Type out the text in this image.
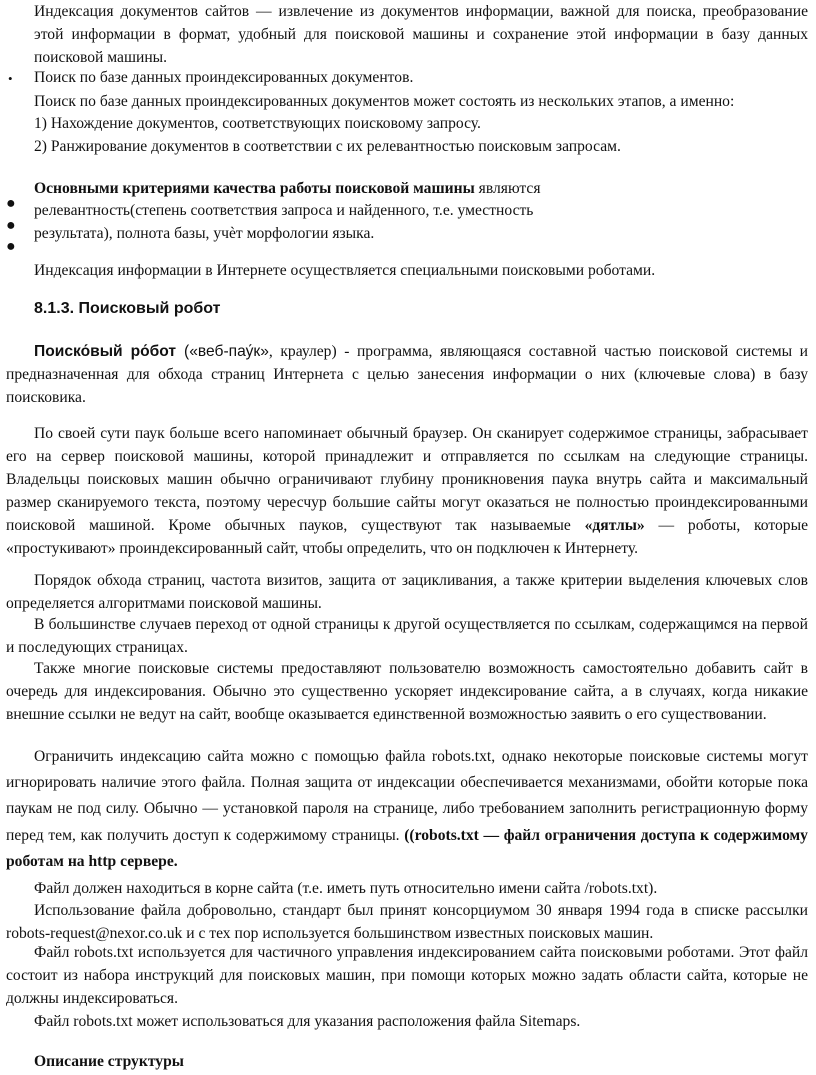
Индексация документов сайтов — извлечение из документов информации, важной для поиска, преобразование этой информации в формат, удобный для поисковой машины и сохранение этой информации в базу данных поисковой машины.

• Поиск по базе данных проиндексированных документов.

Поиск по базе данных проиндексированных документов может состоять из нескольких этапов, а именно:

1) Нахождение документов, соответствующих поисковому запросу.

2) Ранжирование документов в соответствии с их релевантностью поисковым запросам.

●
●
●

Основными критериями качества работы поисковой машины являются

релевантность(степень соответствия запроса и найденного, т.е. уместность

результата), полнота базы, учѐт морфологии языка.

Индексация информации в Интернете осуществляется специальными поисковыми роботами.

8.1.3. Поисковый робот

Поиско́вый ро́бот («веб-пау́к», краулер) - программа, являющаяся составной частью поисковой системы и предназначенная для обхода страниц Интернета с целью занесения информации о них (ключевые слова) в базу поисковика.

По своей сути паук больше всего напоминает обычный браузер. Он сканирует содержимое страницы, забрасывает его на сервер поисковой машины, которой принадлежит и отправляется по ссылкам на следующие страницы. Владельцы поисковых машин обычно ограничивают глубину проникновения паука внутрь сайта и максимальный размер сканируемого текста, поэтому чересчур большие сайты могут оказаться не полностью проиндексированными поисковой машиной. Кроме обычных пауков, существуют так называемые «дятлы» — роботы, которые «простукивают» проиндексированный сайт, чтобы определить, что он подключен к Интернету.

Порядок обхода страниц, частота визитов, защита от зацикливания, а также критерии выделения ключевых слов определяется алгоритмами поисковой машины.

В большинстве случаев переход от одной страницы к другой осуществляется по ссылкам, содержащимся на первой и последующих страницах.

Также многие поисковые системы предоставляют пользователю возможность самостоятельно добавить сайт в очередь для индексирования. Обычно это существенно ускоряет индексирование сайта, а в случаях, когда никакие внешние ссылки не ведут на сайт, вообще оказывается единственной возможностью заявить о его существовании.

Ограничить индексацию сайта можно с помощью файла robots.txt, однако некоторые поисковые системы могут игнорировать наличие этого файла. Полная защита от индексации обеспечивается механизмами, обойти которые пока паукам не под силу. Обычно — установкой пароля на странице, либо требованием заполнить регистрационную форму перед тем, как получить доступ к содержимому страницы. ((robots.txt — файл ограничения доступа к содержимому роботам на http сервере.

Файл должен находиться в корне сайта (т.е. иметь путь относительно имени сайта /robots.txt).

Использование файла добровольно, стандарт был принят консорциумом 30 января 1994 года в списке рассылки robots-request@nexor.co.uk и с тех пор используется большинством известных поисковых машин.

Файл robots.txt используется для частичного управления индексированием сайта поисковыми роботами. Этот файл состоит из набора инструкций для поисковых машин, при помощи которых можно задать области сайта, которые не должны индексироваться.

Файл robots.txt может использоваться для указания расположения файла Sitemaps.

Описание структуры
